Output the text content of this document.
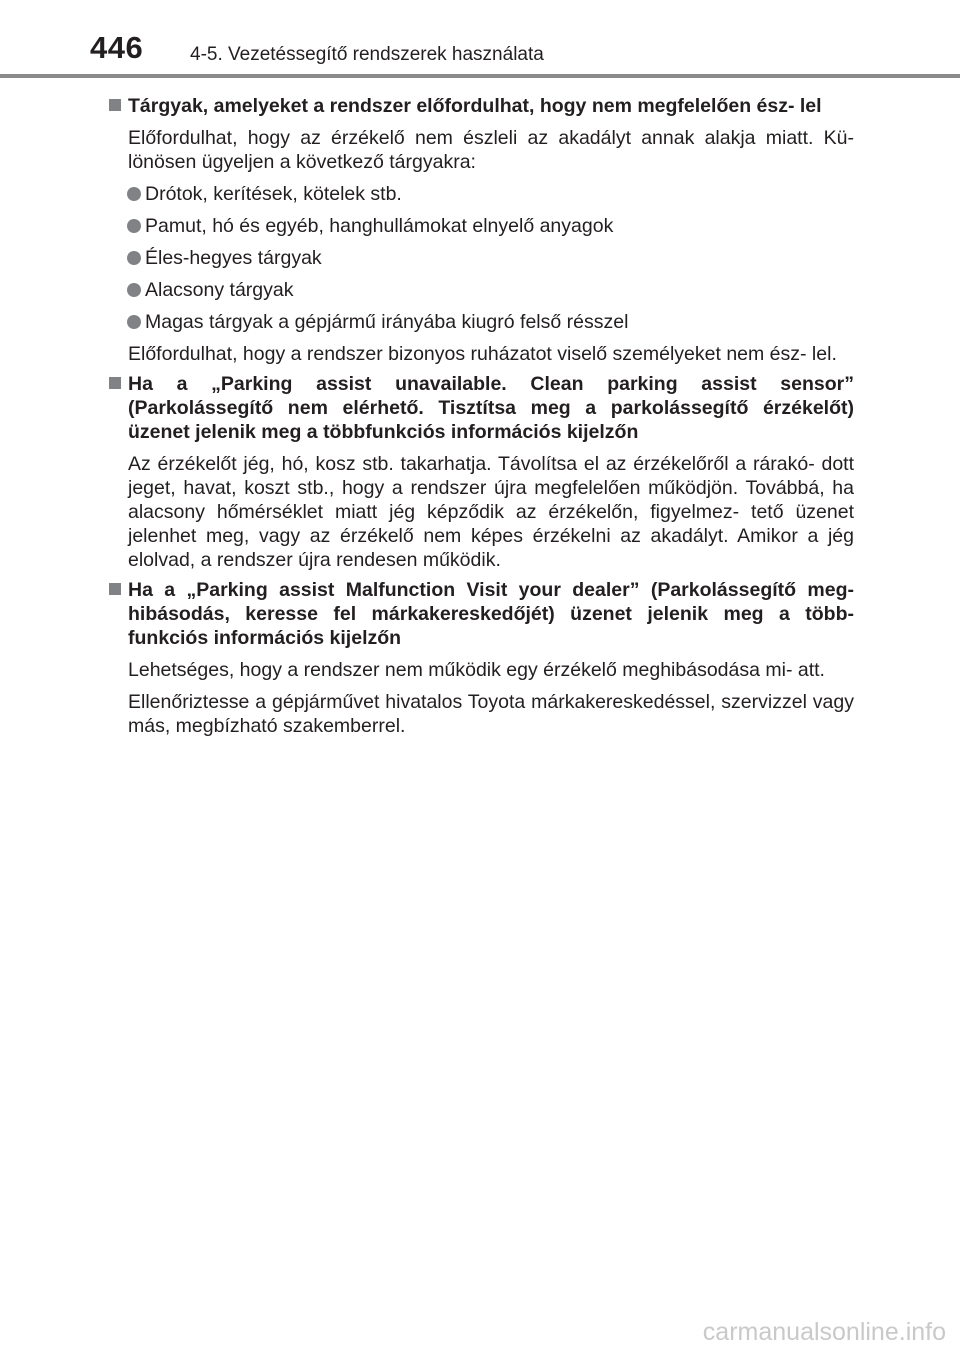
446 4-5. Vezetéssegítő rendszerek használata
Tárgyak, amelyeket a rendszer előfordulhat, hogy nem megfelelően ész- lel
Előfordulhat, hogy az érzékelő nem észleli az akadályt annak alakja miatt. Kü- lönösen ügyeljen a következő tárgyakra:
Drótok, kerítések, kötelek stb.
Pamut, hó és egyéb, hanghullámokat elnyelő anyagok
Éles-hegyes tárgyak
Alacsony tárgyak
Magas tárgyak a gépjármű irányába kiugró felső résszel
Előfordulhat, hogy a rendszer bizonyos ruházatot viselő személyeket nem ész- lel.
Ha a „Parking assist unavailable. Clean parking assist sensor” (Parkolássegítő nem elérhető. Tisztítsa meg a parkolássegítő érzékelőt) üzenet jelenik meg a többfunkciós információs kijelzőn
Az érzékelőt jég, hó, kosz stb. takarhatja. Távolítsa el az érzékelőről a rárakó- dott jeget, havat, koszt stb., hogy a rendszer újra megfelelően működjön. Továbbá, ha alacsony hőmérséklet miatt jég képződik az érzékelőn, figyelmez- tető üzenet jelenhet meg, vagy az érzékelő nem képes érzékelni az akadályt. Amikor a jég elolvad, a rendszer újra rendesen működik.
Ha a „Parking assist Malfunction Visit your dealer” (Parkolássegítő meg- hibásodás, keresse fel márkakereskedőjét) üzenet jelenik meg a több- funkciós információs kijelzőn
Lehetséges, hogy a rendszer nem működik egy érzékelő meghibásodása mi- att.
Ellenőriztesse a gépjárművet hivatalos Toyota márkakereskedéssel, szervizzel vagy más, megbízható szakemberrel.
carmanualsonline.info
